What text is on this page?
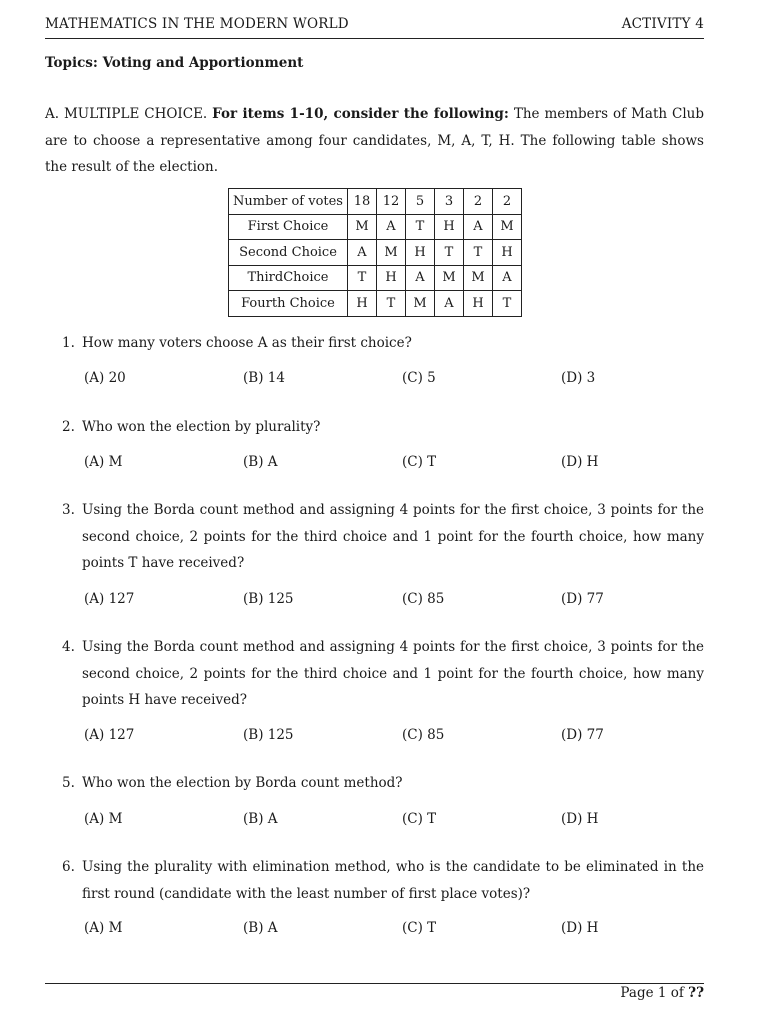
MATHEMATICS IN THE MODERN WORLD	ACTIVITY 4
Topics: Voting and Apportionment
A. MULTIPLE CHOICE. For items 1-10, consider the following: The members of Math Club are to choose a representative among four candidates, M, A, T, H. The following table shows the result of the election.
Number of votes	18	12	5	3	2	2
First Choice	M	A	T	H	A	M
Second Choice	A	M	H	T	T	H
ThirdChoice	T	H	A	M	M	A
Fourth Choice	H	T	M	A	H	T
1. How many voters choose A as their first choice?
(A) 20	(B) 14	(C) 5	(D) 3
2. Who won the election by plurality?
(A) M	(B) A	(C) T	(D) H
3. Using the Borda count method and assigning 4 points for the first choice, 3 points for the second choice, 2 points for the third choice and 1 point for the fourth choice, how many points T have received?
(A) 127	(B) 125	(C) 85	(D) 77
4. Using the Borda count method and assigning 4 points for the first choice, 3 points for the second choice, 2 points for the third choice and 1 point for the fourth choice, how many points H have received?
(A) 127	(B) 125	(C) 85	(D) 77
5. Who won the election by Borda count method?
(A) M	(B) A	(C) T	(D) H
6. Using the plurality with elimination method, who is the candidate to be eliminated in the first round (candidate with the least number of first place votes)?
(A) M	(B) A	(C) T	(D) H
Page 1 of ??
